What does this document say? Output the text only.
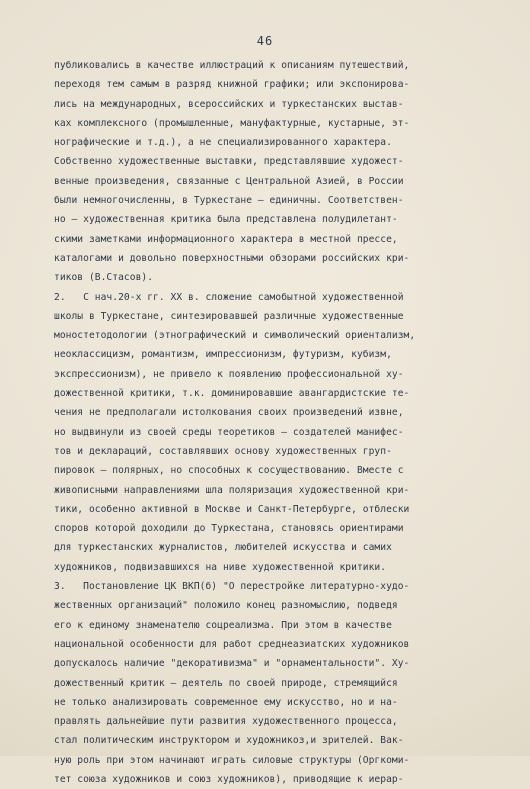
46
публиковались в качестве иллюстраций к описаниям путешествий,
переходя тем самым в разряд книжной графики; или экспонирова-
лись на международных, всероссийских и туркестанских выстав-
ках комплексного (промышленные, мануфактурные, кустарные, эт-
нографические и т.д.), а не специализированного характера.
Собственно художественные выставки, представлявшие художест-
венные произведения, связанные с Центральной Азией, в России
были немногочисленны, в Туркестане – единичны. Соответствен-
но – художественная критика была представлена полудилетант-
скими заметками информационного характера в местной прессе,
каталогами и довольно поверхностными обзорами российских кри-
тиков (В.Стасов).
2.   С нач.20-х гг. ХХ в. сложение самобытной художественной
школы в Туркестане, синтезировавшей различные художественные
моностетодологии (этнографический и символический ориентализм,
неоклассицизм, романтизм, импрессионизм, футуризм, кубизм,
экспрессионизм), не привело к появлению профессиональной ху-
дожественной критики, т.к. доминировавшие авангардистские те-
чения не предполагали истолкования своих произведений извне,
но выдвинули из своей среды теоретиков – создателей манифес-
тов и деклараций, составлявших основу художественных груп-
пировок – полярных, но способных к сосуществованию. Вместе с
живописными направлениями шла поляризация художественной кри-
тики, особенно активной в Москве и Санкт-Петербурге, отблески
споров которой доходили до Туркестана, становясь ориентирами
для туркестанских журналистов, любителей искусства и самих
художников, подвизавшихся на ниве художественной критики.
3.   Постановление ЦК ВКП(б) "О перестройке литературно-худо-
жественных организаций" положило конец разномыслию, подведя
его к единому знаменателю соцреализма. При этом в качестве
национальной особенности для работ среднеазиатских художников
допускалось наличие "декоративизма" и "орнаментальности". Ху-
дожественный критик – деятель по своей природе, стремящийся
не только анализировать современное ему искусство, но и на-
правлять дальнейшие пути развития художественного процесса,
стал политическим инструктором и художникоз,и зрителей. Вак-
ную роль при этом начинают играть силовые структуры (Оргкоми-
тет союза художников и союз художников), приводящие к иерар-
